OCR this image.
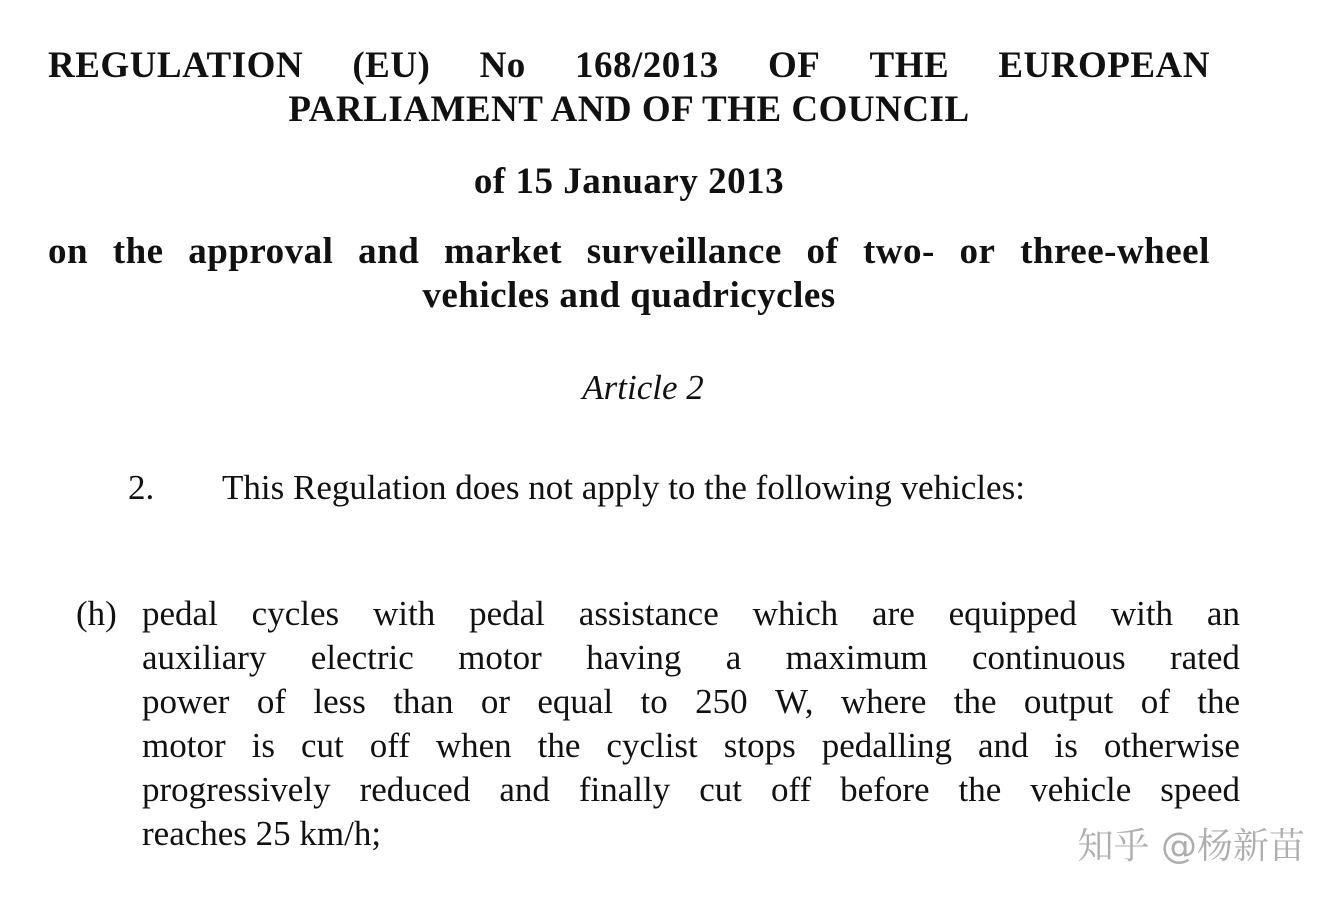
REGULATION (EU) No 168/2013 OF THE EUROPEAN
PARLIAMENT AND OF THE COUNCIL
of 15 January 2013
on the approval and market surveillance of two- or three-wheel
vehicles and quadricycles
Article 2
2. This Regulation does not apply to the following vehicles:
(h) pedal cycles with pedal assistance which are equipped with an
auxiliary electric motor having a maximum continuous rated
power of less than or equal to 250 W, where the output of the
motor is cut off when the cyclist stops pedalling and is otherwise
progressively reduced and finally cut off before the vehicle speed
reaches 25 km/h;	知乎 @杨新苗
